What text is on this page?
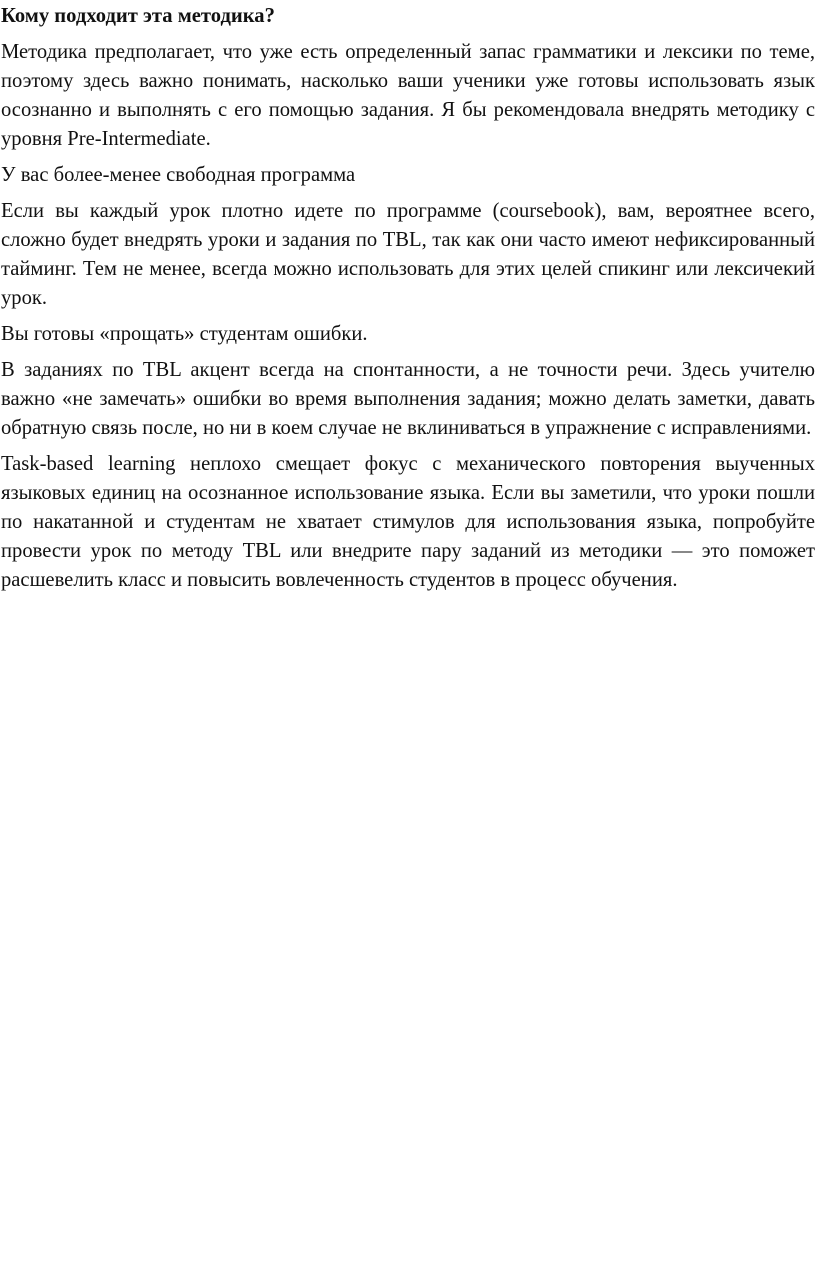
Кому подходит эта методика?

Методика предполагает, что уже есть определенный запас грамматики и лексики по теме, поэтому здесь важно понимать, насколько ваши ученики уже готовы использовать язык осознанно и выполнять с его помощью задания. Я бы рекомендовала внедрять методику с уровня Pre-Intermediate.

У вас более-менее свободная программа

Если вы каждый урок плотно идете по программе (coursebook), вам, вероятнее всего, сложно будет внедрять уроки и задания по TBL, так как они часто имеют нефиксированный тайминг. Тем не менее, всегда можно использовать для этих целей спикинг или лексичекий урок.

Вы готовы «прощать» студентам ошибки.

В заданиях по TBL акцент всегда на спонтанности, а не точности речи. Здесь учителю важно «не замечать» ошибки во время выполнения задания; можно делать заметки, давать обратную связь после, но ни в коем случае не вклиниваться в упражнение с исправлениями.

Task-based learning неплохо смещает фокус с механического повторения выученных языковых единиц на осознанное использование языка. Если вы заметили, что уроки пошли по накатанной и студентам не хватает стимулов для использования языка, попробуйте провести урок по методу TBL или внедрите пару заданий из методики — это поможет расшевелить класс и повысить вовлеченность студентов в процесс обучения.
